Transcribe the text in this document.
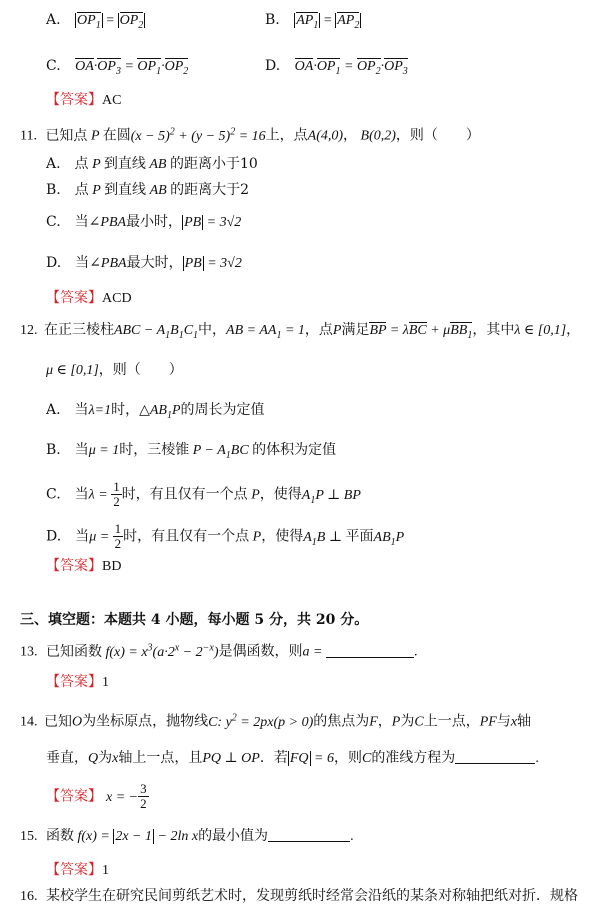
A. $OP_1 = OP_2$	B. $AP_1 = AP_2$
C. $OA\cdot OP_3 = OP_1\cdot OP_2$	D. $OA\cdot OP_1 = OP_2\cdot OP_3$
【答案】AC
11. 已知点 P 在圆$(x - 5)^2 + (y - 5)^2 = 16$上，点A(4,0)， B(0,2)，则（　　）
A.　点 P 到直线 AB 的距离小于10
B.　点 P 到直线 AB 的距离大于2
C.　当∠PBA最小时， PB = 3√2
D.　当∠PBA最大时， PB = 3√2
【答案】ACD
12. 在正三棱柱ABC − $A_1B_1C_1$中，AB = $AA_1 = 1$，点P满足BP = λBC + μBB$_1$，其中λ ∈ [0,1]，
μ ∈ [0,1]，则（　　）
A.　当λ=1时，$\triangle AB_1P$的周长为定值
B.　当μ = 1时，三棱锥 $P - A_1BC$ 的体积为定值
C.　当$\lambda = \frac{1}{2}$ 时，有且仅有一个点 P，使得$A_1P$ ⊥ BP
D.　当$\mu = \frac{1}{2}$ 时，有且仅有一个点 P，使得$A_1B$ ⊥ 平面$AB_1P$
【答案】BD
三、填空题：本题共 4 小题，每小题 5 分，共 20 分。
13. 已知函数 $f(x) = x^3(a\cdot 2^x - 2^{-x})$是偶函数，则a =	.
【答案】1
14. 已知O为坐标原点，抛物线C: $y^2 = 2px(p > 0)$的焦点为F，P为C上一点，PF与x轴
垂直，Q为x轴上一点，且PQ ⊥ OP．若 FQ = 6，则C的准线方程为	.
【答案】 x = − $\frac{3}{2}$
15. 函数 f(x) = 2x − 1 − 2ln x的最小值为	.
【答案】1
16. 某校学生在研究民间剪纸艺术时，发现剪纸时经常会沿纸的某条对称轴把纸对折．规格
